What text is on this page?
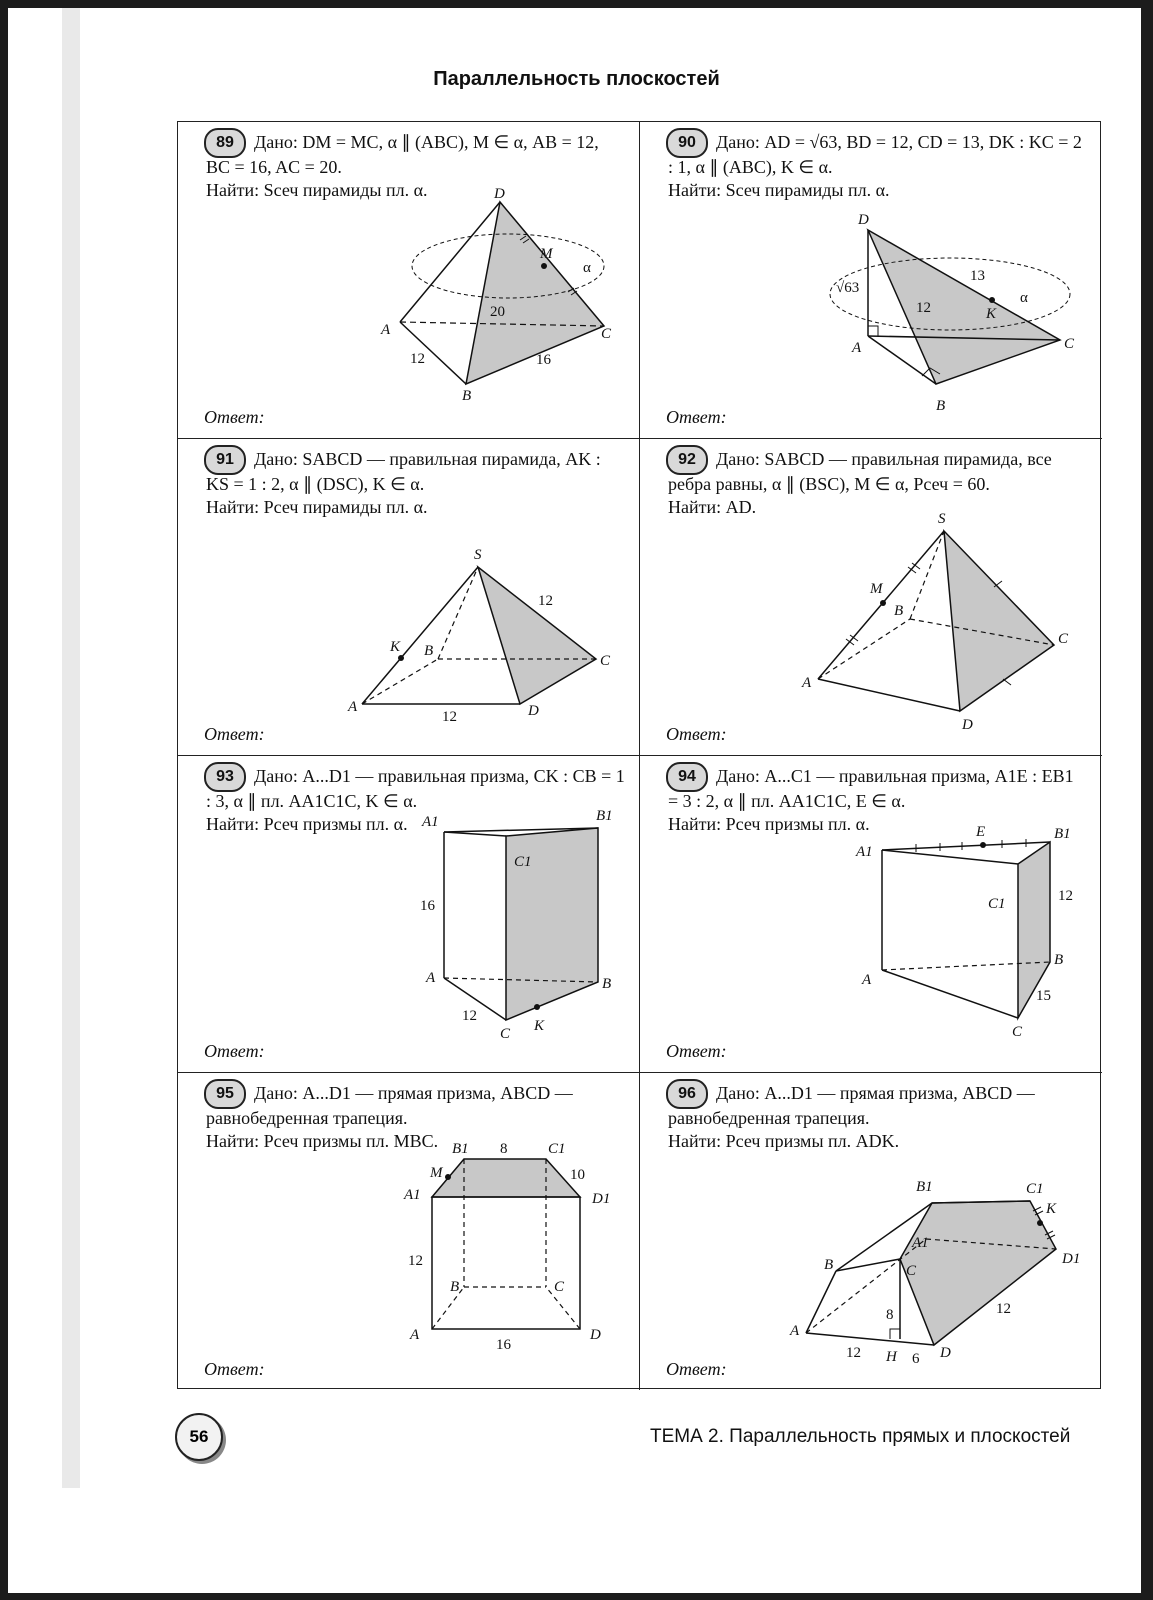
Параллельность плоскостей
89	Дано: DM = MC, α ∥ (ABC), M ∈ α, AB = 12, BC = 16, AC = 20.
Найти: Sсеч пирамиды пл. α.	D
M
α
A
B
C
12	16
20
Ответ:
90	Дано: AD = √63, BD = 12, CD = 13, DK : KC = 2 : 1, α ∥ (ABC), K ∈ α.
Найти: Sсеч пирамиды пл. α.
D
A
B
C
K
α
√63
12
13
Ответ:
91	Дано: SABCD — правильная пирамида, AK : KS = 1 : 2, α ∥ (DSC), K ∈ α.
Найти: Pсеч пирамиды пл. α.
S
K B
C
A	D
12
12
Ответ:
92	Дано: SABCD — правильная пирамида, все ребра равны, α ∥ (BSC), M ∈ α, Pсеч = 60.
Найти: AD.
S
M
B
C
A
D
Ответ:
93	Дано: A...D1 — правильная призма, CK : CB = 1 : 3, α ∥ пл. AA1C1C, K ∈ α.
Найти: Pсеч призмы пл. α. A1	B1
C1
A	B
C K
16
12
Ответ:
94	Дано: A...C1 — правильная призма, A1E : EB1 = 3 : 2, α ∥ пл. AA1C1C, E ∈ α.
Найти: Pсеч призмы пл. α.
A1
B1
C1
E
A
B
C
12
15
Ответ:
95	Дано: A...D1 — прямая призма, ABCD — равнобедренная трапеция.
Найти: Pсеч призмы пл. MBC. B1	C1
M
A1	D1
B	C
A	D
8
10
12
16
Ответ:
96	Дано: A...D1 — прямая призма, ABCD — равнобедренная трапеция.
Найти: Pсеч призмы пл. ADK.
B1	C1
A1
K
D1
B	C
A
H	D
8
12	6
12
Ответ:
56	ТЕМА 2. Параллельность прямых и плоскостей
